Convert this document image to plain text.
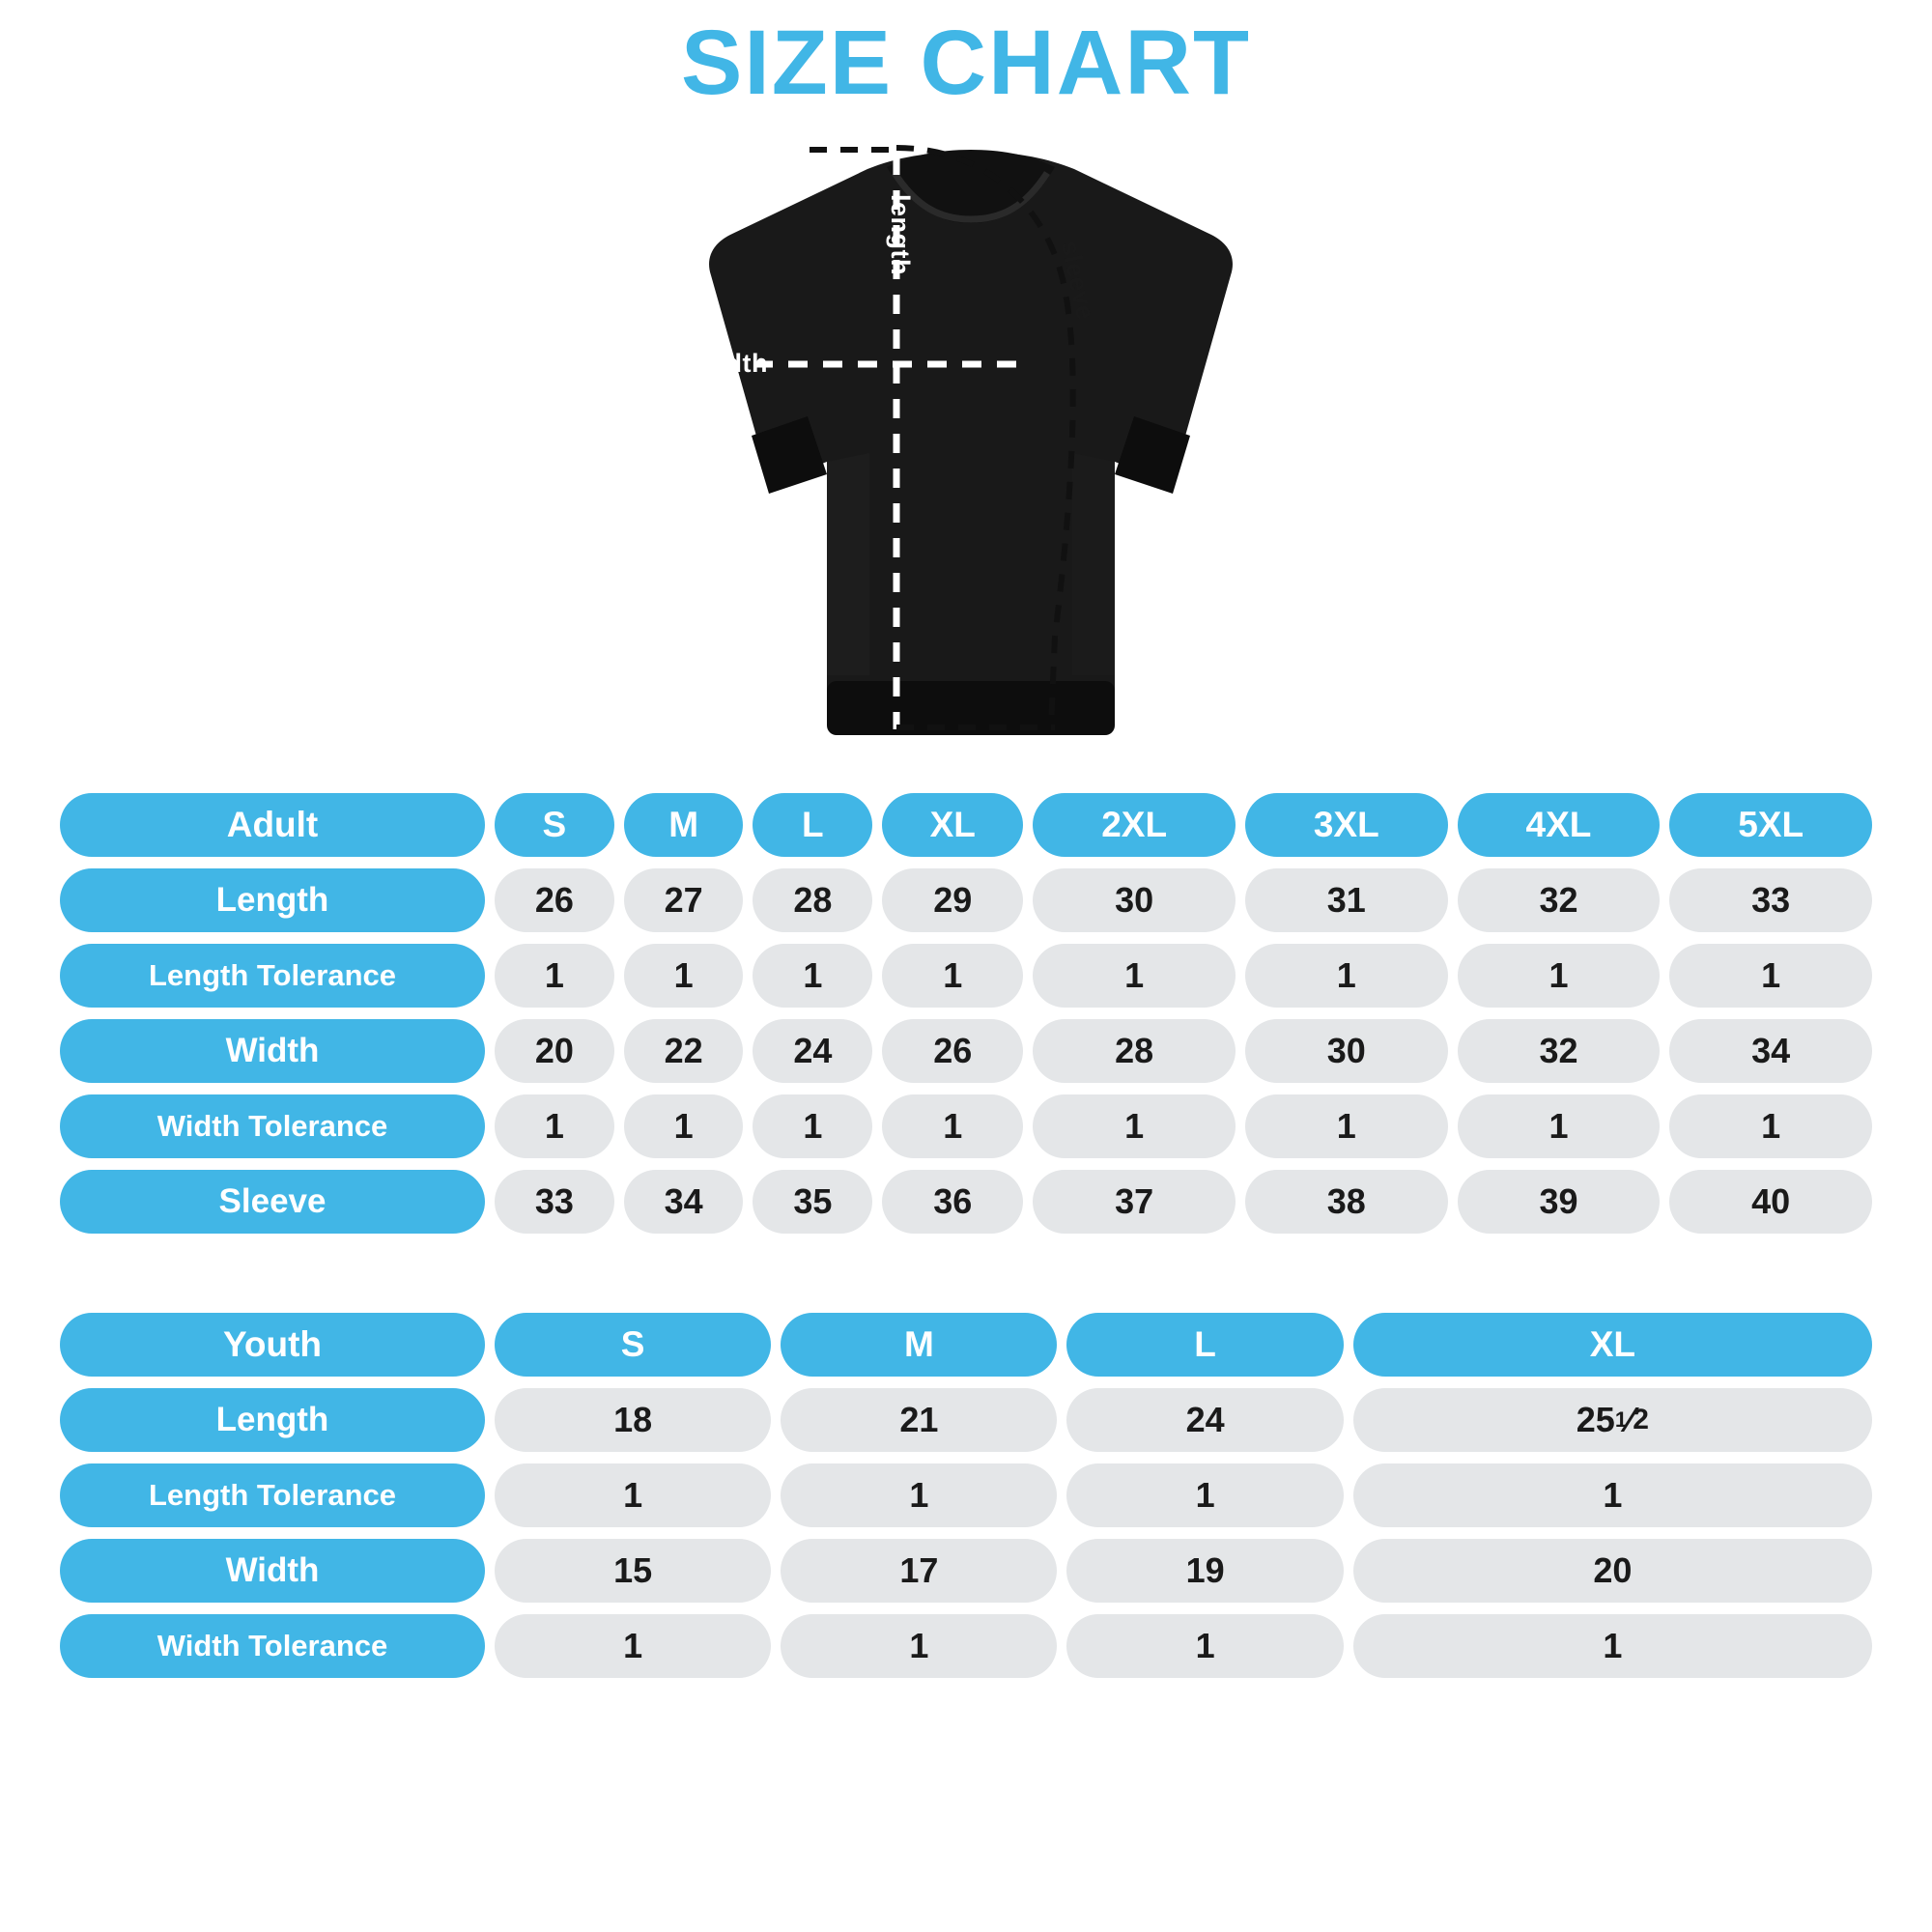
SIZE CHART
width
length
sleeve
Adult	S	M	L	XL	2XL	3XL	4XL	5XL

Length	26	27	28	29	30	31	32	33

Length Tolerance	1	1	1	1	1	1	1	1

Width	20	22	24	26	28	30	32	34

Width Tolerance	1	1	1	1	1	1	1	1

Sleeve	33	34	35	36	37	38	39	40
Youth	S	M	L	XL

Length	18	21	24	25 1 ⁄ 2

Length Tolerance	1	1	1	1

Width	15	17	19	20

Width Tolerance	1	1	1	1
